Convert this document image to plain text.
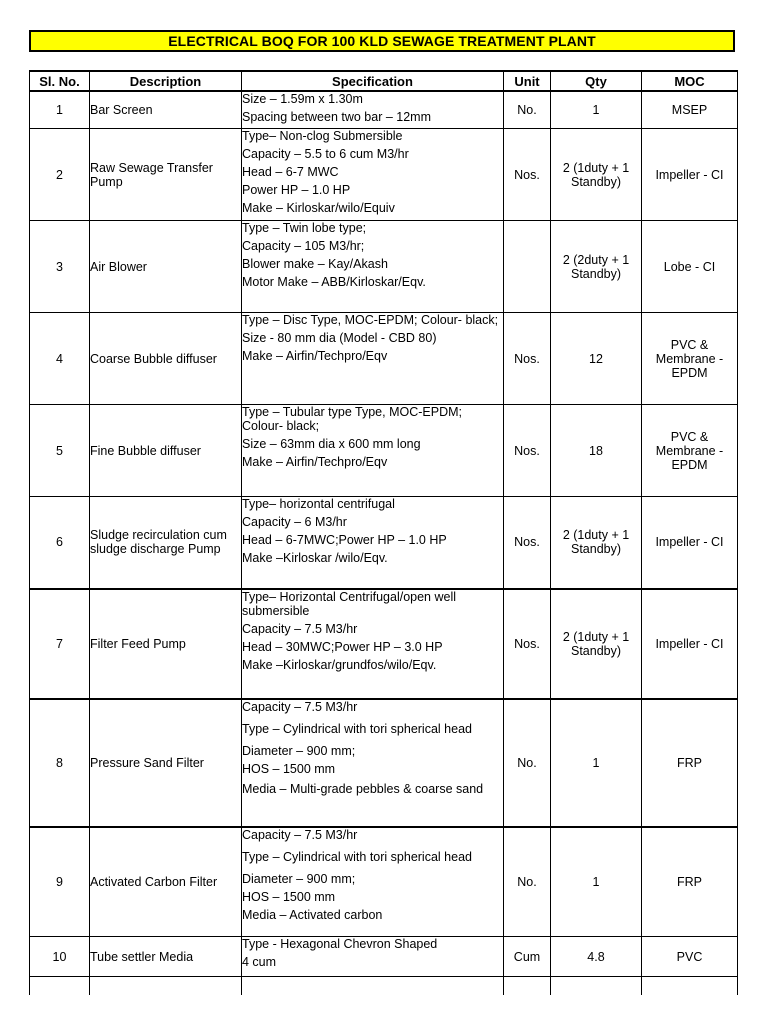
ELECTRICAL BOQ FOR 100 KLD SEWAGE TREATMENT PLANT
Sl. No.	Description	Specification	Unit	Qty	MOC
1	Bar Screen	Size – 1.59m x 1.30m
Spacing between two bar – 12mm	No.	1	MSEP
2	Raw Sewage Transfer Pump	Type– Non-clog Submersible
Capacity – 5.5 to 6 cum M3/hr
Head – 6-7 MWC
Power HP – 1.0 HP
Make – Kirloskar/wilo/Equiv	Nos.	2 (1duty + 1 Standby)	Impeller - CI
3	Air Blower	Type – Twin lobe type;
Capacity – 105 M3/hr;
Blower make – Kay/Akash
Motor Make – ABB/Kirloskar/Eqv.		2 (2duty + 1 Standby)	Lobe - CI
4	Coarse Bubble diffuser	Type – Disc Type, MOC-EPDM; Colour- black;
Size - 80 mm dia (Model - CBD 80)
Make – Airfin/Techpro/Eqv	Nos.	12	PVC & Membrane - EPDM
5	Fine Bubble diffuser	Type – Tubular type Type, MOC-EPDM; Colour- black;
Size – 63mm dia x 600 mm long
Make – Airfin/Techpro/Eqv	Nos.	18	PVC & Membrane - EPDM
6	Sludge recirculation cum sludge discharge Pump	Type– horizontal centrifugal
Capacity – 6 M3/hr
Head – 6-7MWC;Power HP – 1.0 HP
Make –Kirloskar /wilo/Eqv.	Nos.	2 (1duty + 1 Standby)	Impeller - CI
7	Filter Feed Pump	Type– Horizontal Centrifugal/open well submersible
Capacity – 7.5 M3/hr
Head – 30MWC;Power HP – 3.0 HP
Make –Kirloskar/grundfos/wilo/Eqv.	Nos.	2 (1duty + 1 Standby)	Impeller - CI
8	Pressure Sand Filter	Capacity – 7.5 M3/hr
Type – Cylindrical with tori spherical head
Diameter – 900 mm;
HOS – 1500 mm
Media – Multi-grade pebbles & coarse sand	No.	1	FRP
9	Activated Carbon Filter	Capacity – 7.5 M3/hr
Type – Cylindrical with tori spherical head
Diameter – 900 mm;
HOS – 1500 mm
Media – Activated carbon	No.	1	FRP
10	Tube settler Media	Type - Hexagonal Chevron Shaped
4 cum	Cum	4.8	PVC
